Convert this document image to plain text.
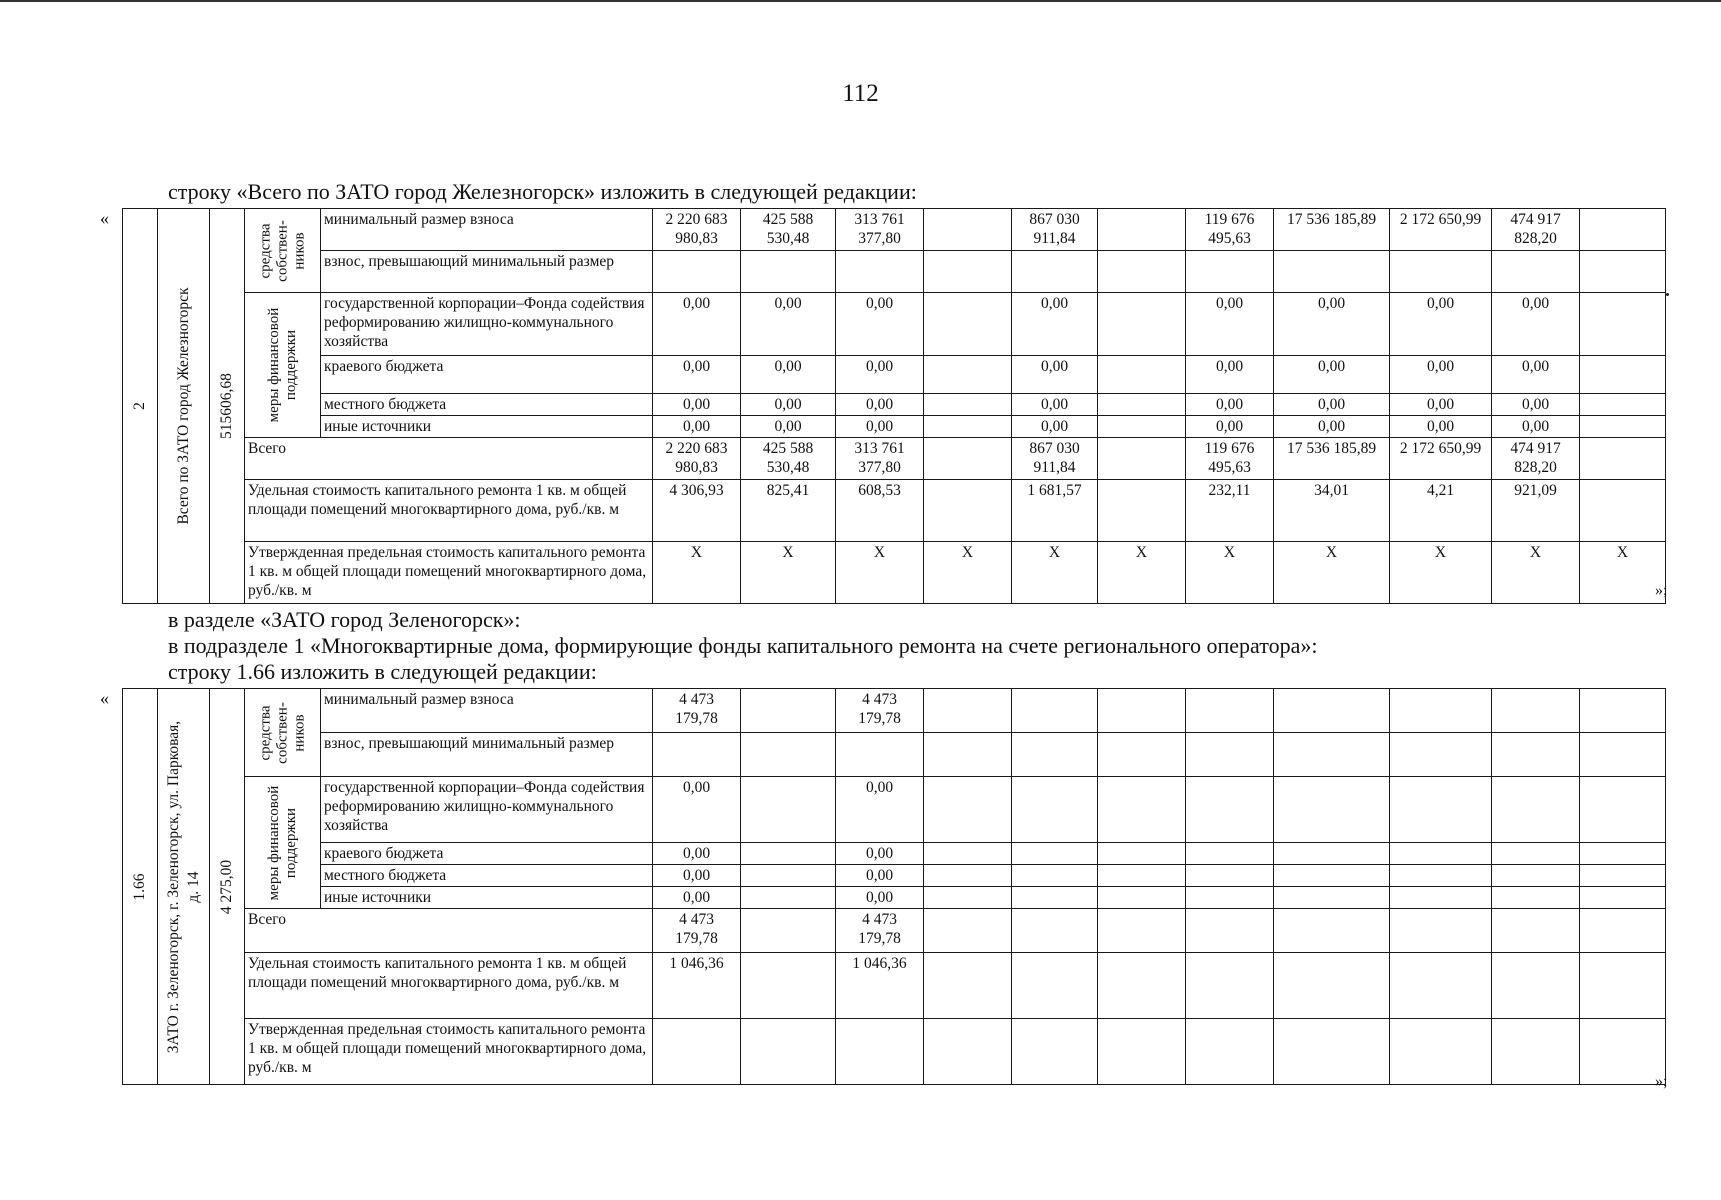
112
строку «Всего по ЗАТО город Железногорск» изложить в следующей редакции:
«
2	Всего по ЗАТО город Железногорск	515606,68	средства собствен-ников	минимальный размер взноса	2 220 683 980,83	425 588 530,48	313 761 377,80		867 030 911,84		119 676 495,63	17 536 185,89	2 172 650,99	474 917 828,20	
				взнос, превышающий минимальный размер											

			меры финансовой поддержки	государственной корпорации–Фонда содействия реформированию жилищно-коммунального хозяйства	0,00	0,00	0,00		0,00		0,00	0,00	0,00	0,00	
				краевого бюджета	0,00	0,00	0,00		0,00		0,00	0,00	0,00	0,00	
				местного бюджета	0,00	0,00	0,00		0,00		0,00	0,00	0,00	0,00	
				иные источники	0,00	0,00	0,00		0,00		0,00	0,00	0,00	0,00	
			Всего		2 220 683 980,83	425 588 530,48	313 761 377,80		867 030 911,84		119 676 495,63	17 536 185,89	2 172 650,99	474 917 828,20	
			Удельная стоимость капитального ремонта 1 кв. м общей площади помещений многоквартирного дома, руб./кв. м		4 306,93	825,41	608,53		1 681,57		232,11	34,01	4,21	921,09	
			Утвержденная предельная стоимость капитального ремонта 1 кв. м общей площади помещений многоквартирного дома, руб./кв. м		X	X	X	X	X	X	X	X	X	X	X
»;
в разделе «ЗАТО город Зеленогорск»:
в подразделе 1 «Многоквартирные дома, формирующие фонды капитального ремонта на счете регионального оператора»:
строку 1.66 изложить в следующей редакции:
«
1.66	ЗАТО г. Зеленогорск, г. Зеленогорск, ул. Парковая, д. 14	4 275,00	средства собствен-ников	минимальный размер взноса	4 473 179,78		4 473 179,78								
				взнос, превышающий минимальный размер											

			меры финансовой поддержки	государственной корпорации–Фонда содействия реформированию жилищно-коммунального хозяйства	0,00		0,00								
				краевого бюджета	0,00		0,00								
				местного бюджета	0,00		0,00								
				иные источники	0,00		0,00								
			Всего		4 473 179,78		4 473 179,78								
			Удельная стоимость капитального ремонта 1 кв. м общей площади помещений многоквартирного дома, руб./кв. м		1 046,36		1 046,36								
			Утвержденная предельная стоимость капитального ремонта 1 кв. м общей площади помещений многоквартирного дома, руб./кв. м												
»;
